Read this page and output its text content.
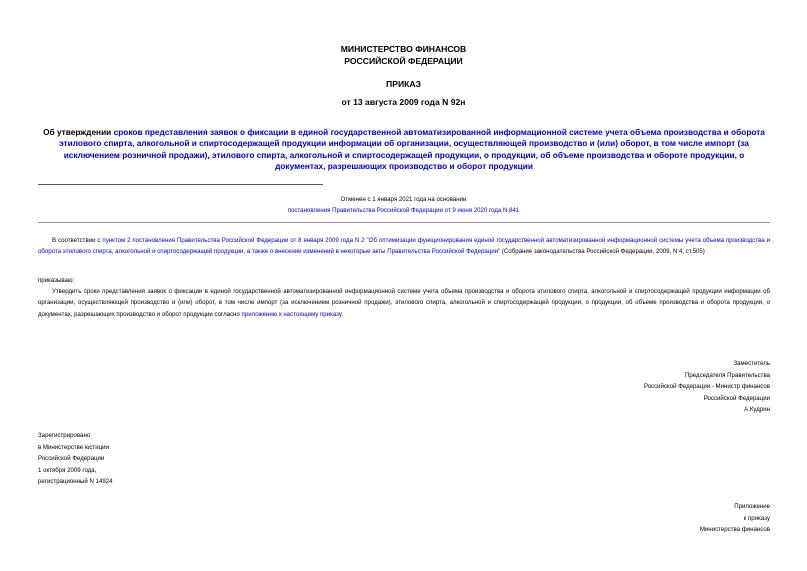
МИНИСТЕРСТВО ФИНАНСОВ
РОССИЙСКОЙ ФЕДЕРАЦИИ
ПРИКАЗ
от 13 августа 2009 года N 92н
Об утверждении сроков представления заявок о фиксации в единой государственной автоматизированной информационной системе учета объема производства и оборота этилового спирта, алкогольной и спиртосодержащей продукции информации об организации, осуществляющей производство и (или) оборот, в том числе импорт (за исключением розничной продажи), этилового спирта, алкогольной и спиртосодержащей продукции, о продукции, об объеме производства и обороте продукции, о документах, разрешающих производство и оборот продукции
Отменен с 1 января 2021 года на основании
постановления Правительства Российской Федерации от 9 июня 2020 года N 841
В соответствии с пунктом 2 постановления Правительства Российской Федерации от 8 января 2009 года N 2 "Об оптимизации функционирования единой государственной автоматизированной информационной системы учета объема производства и оборота этилового спирта, алкогольной и спиртосодержащей продукции, а также о внесении изменений в некоторые акты Правительства Российской Федерации" (Собрание законодательства Российской Федерации, 2009, N 4, ст.505)
приказываю:
Утвердить сроки представления заявок о фиксации в единой государственной автоматизированной информационной системе учета объема производства и оборота этилового спирта, алкогольной и спиртосодержащей продукции информации об организации, осуществляющей производство и (или) оборот, в том числе импорт (за исключением розничной продажи), этилового спирта, алкогольной и спиртосодержащей продукции, о продукции, об объеме производства и оборота продукции, о документах, разрешающих производство и оборот продукции согласно приложению к настоящему приказу.
Заместитель
Председателя Правительства
Российской Федерации - Министр финансов
Российской Федерации
А.Кудрин
Зарегистрировано
в Министерстве юстиции
Российской Федерации
1 октября 2009 года,
регистрационный N 14924
Приложение
к приказу
Министерства финансов
